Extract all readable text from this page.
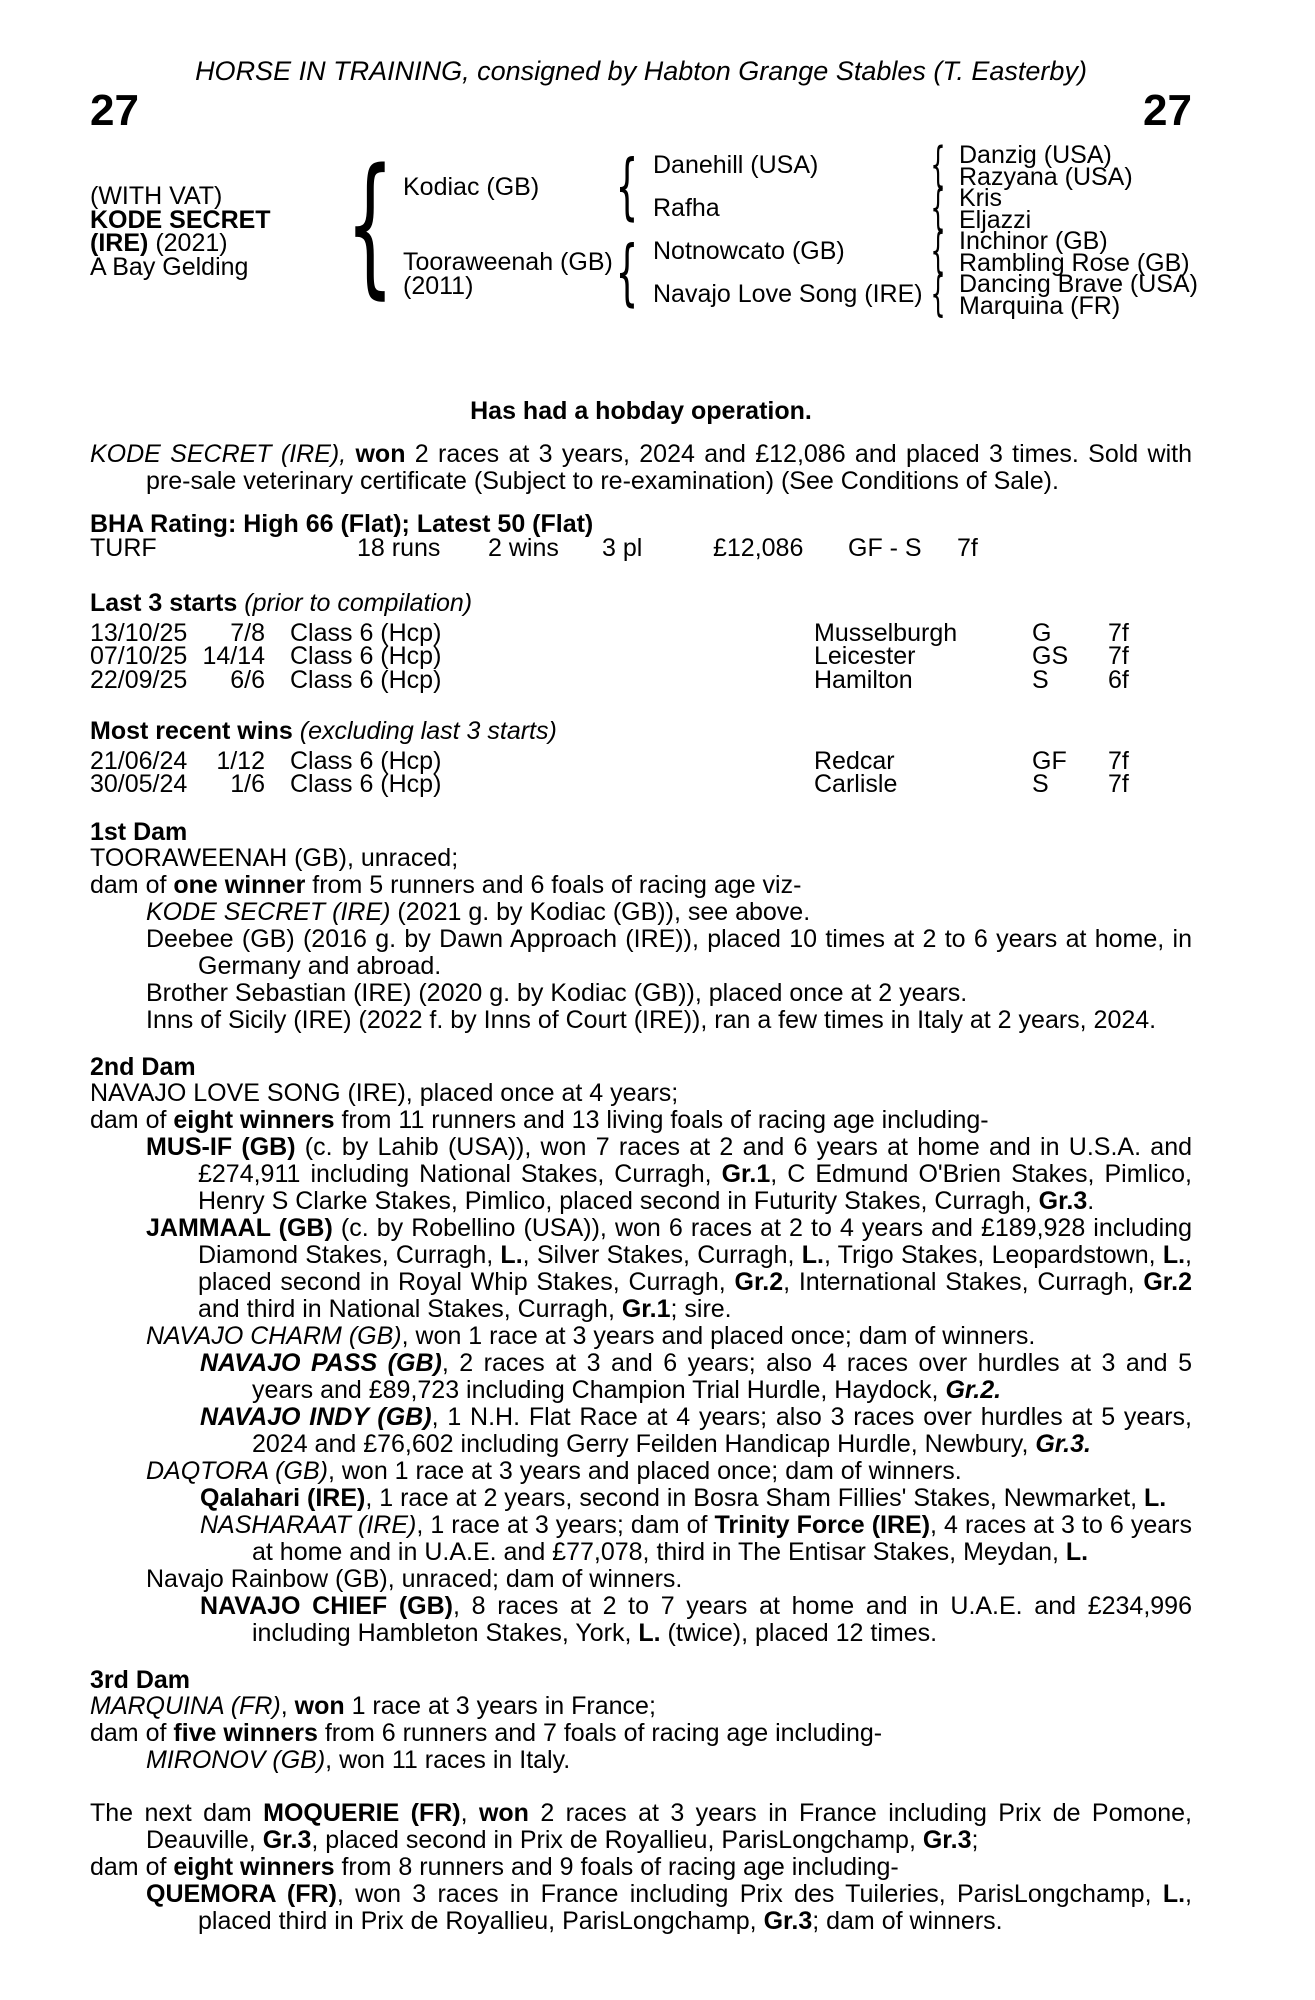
HORSE IN TRAINING, consigned by Habton Grange Stables (T. Easterby)
27	27
(WITH VAT)
KODE SECRET
(IRE) (2021)
A Bay Gelding {	{
{
{
{
{
{
Kodiac (GB)
Tooraweenah (GB)
(2011)
Danehill (USA)
Rafha
Notnowcato (GB)
Navajo Love Song (IRE)
Danzig (USA)
Razyana (USA)
Kris
Eljazzi
Inchinor (GB)
Rambling Rose (GB)
Dancing Brave (USA)
Marquina (FR)
Has had a hobday operation.

KODE SECRET (IRE), won 2 races at 3 years, 2024 and £12,086 and placed 3 times. Sold with pre-sale veterinary certificate (Subject to re-examination) (See Conditions of Sale).

BHA Rating: High 66 (Flat); Latest 50 (Flat)
TURF	18 runs 2 wins 3 pl	£12,086 GF - S 7f
Last 3 starts (prior to compilation)
13/10/25	7/8 Class 6 (Hcp)	Musselburgh	G 7f
07/10/25 14/14 Class 6 (Hcp)	Leicester	GS 7f
22/09/25	6/6 Class 6 (Hcp)	Hamilton	S 6f
Most recent wins (excluding last 3 starts)
21/06/24	1/12 Class 6 (Hcp)	Redcar	GF 7f
30/05/24	1/6 Class 6 (Hcp)	Carlisle	S 7f
1st Dam

TOORAWEENAH (GB), unraced;

dam of one winner from 5 runners and 6 foals of racing age viz-

KODE SECRET (IRE) (2021 g. by Kodiac (GB)), see above.

Deebee (GB) (2016 g. by Dawn Approach (IRE)), placed 10 times at 2 to 6 years at home, in Germany and abroad.

Brother Sebastian (IRE) (2020 g. by Kodiac (GB)), placed once at 2 years.

Inns of Sicily (IRE) (2022 f. by Inns of Court (IRE)), ran a few times in Italy at 2 years, 2024.

2nd Dam

NAVAJO LOVE SONG (IRE), placed once at 4 years;

dam of eight winners from 11 runners and 13 living foals of racing age including-

MUS-IF (GB) (c. by Lahib (USA)), won 7 races at 2 and 6 years at home and in U.S.A. and £274,911 including National Stakes, Curragh, Gr.1, C Edmund O'Brien Stakes, Pimlico, Henry S Clarke Stakes, Pimlico, placed second in Futurity Stakes, Curragh, Gr.3.

JAMMAAL (GB) (c. by Robellino (USA)), won 6 races at 2 to 4 years and £189,928 including Diamond Stakes, Curragh, L., Silver Stakes, Curragh, L., Trigo Stakes, Leopardstown, L., placed second in Royal Whip Stakes, Curragh, Gr.2, International Stakes, Curragh, Gr.2 and third in National Stakes, Curragh, Gr.1; sire.

NAVAJO CHARM (GB), won 1 race at 3 years and placed once; dam of winners.

NAVAJO PASS (GB), 2 races at 3 and 6 years; also 4 races over hurdles at 3 and 5 years and £89,723 including Champion Trial Hurdle, Haydock, Gr.2.

NAVAJO INDY (GB), 1 N.H. Flat Race at 4 years; also 3 races over hurdles at 5 years, 2024 and £76,602 including Gerry Feilden Handicap Hurdle, Newbury, Gr.3.

DAQTORA (GB), won 1 race at 3 years and placed once; dam of winners.

Qalahari (IRE), 1 race at 2 years, second in Bosra Sham Fillies' Stakes, Newmarket, L.

NASHARAAT (IRE), 1 race at 3 years; dam of Trinity Force (IRE), 4 races at 3 to 6 years at home and in U.A.E. and £77,078, third in The Entisar Stakes, Meydan, L.

Navajo Rainbow (GB), unraced; dam of winners.

NAVAJO CHIEF (GB), 8 races at 2 to 7 years at home and in U.A.E. and £234,996 including Hambleton Stakes, York, L. (twice), placed 12 times.

3rd Dam

MARQUINA (FR), won 1 race at 3 years in France;

dam of five winners from 6 runners and 7 foals of racing age including-

MIRONOV (GB), won 11 races in Italy.

The next dam MOQUERIE (FR), won 2 races at 3 years in France including Prix de Pomone, Deauville, Gr.3, placed second in Prix de Royallieu, ParisLongchamp, Gr.3;

dam of eight winners from 8 runners and 9 foals of racing age including-

QUEMORA (FR), won 3 races in France including Prix des Tuileries, ParisLongchamp, L., placed third in Prix de Royallieu, ParisLongchamp, Gr.3; dam of winners.
